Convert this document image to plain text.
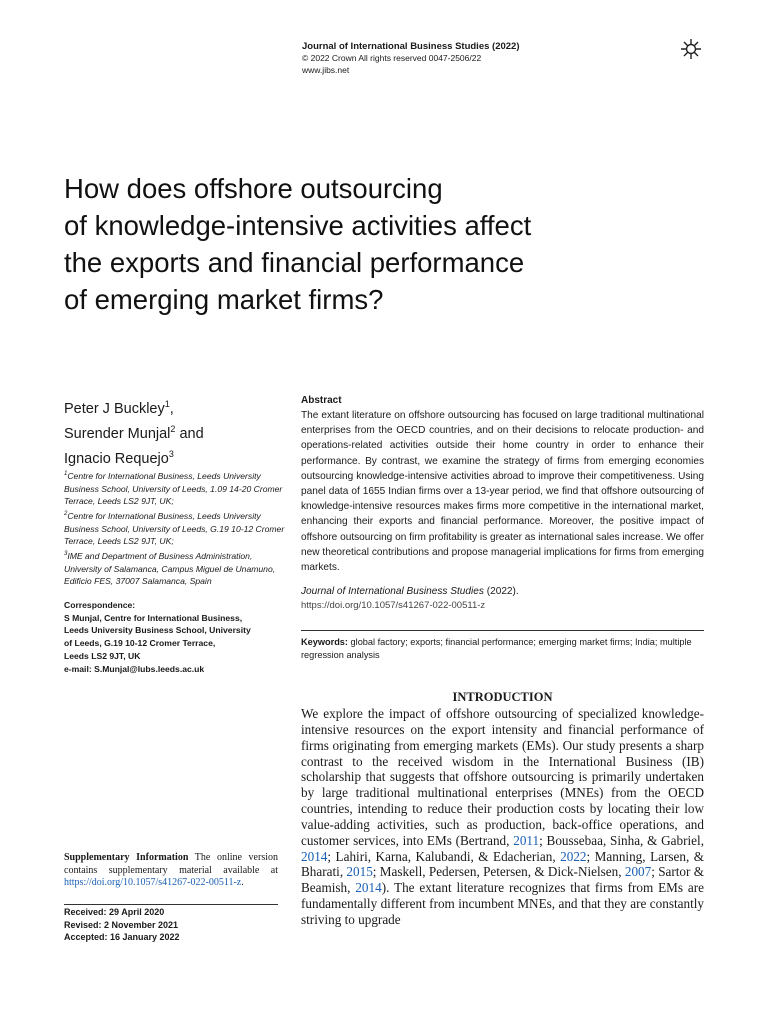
Journal of International Business Studies (2022)
© 2022 Crown All rights reserved 0047-2506/22
www.jibs.net
How does offshore outsourcing
of knowledge-intensive activities affect
the exports and financial performance
of emerging market firms?
Peter J Buckley$^1$,
Surender Munjal$^2$ and
Ignacio Requejo$^3$
$^1$Centre for International Business, Leeds University Business School, University of Leeds, 1.09 14-20 Cromer Terrace, Leeds LS2 9JT, UK;
$^2$Centre for International Business, Leeds University Business School, University of Leeds, G.19 10-12 Cromer Terrace, Leeds LS2 9JT, UK;
$^3$IME and Department of Business Administration, University of Salamanca, Campus Miguel de Unamuno, Edificio FES, 37007 Salamanca, Spain
Correspondence:
S Munjal, Centre for International Business,
Leeds University Business School, University
of Leeds, G.19 10-12 Cromer Terrace,
Leeds LS2 9JT, UK
e-mail: S.Munjal@lubs.leeds.ac.uk
Abstract
The extant literature on offshore outsourcing has focused on large traditional multinational enterprises from the OECD countries, and on their decisions to relocate production- and operations-related activities outside their home country in order to enhance their performance. By contrast, we examine the strategy of firms from emerging economies outsourcing knowledge-intensive activities abroad to improve their competitiveness. Using panel data of 1655 Indian firms over a 13-year period, we find that offshore outsourcing of knowledge-intensive resources makes firms more competitive in the international market, enhancing their exports and financial performance. Moreover, the positive impact of offshore outsourcing on firm profitability is greater as international sales increase. We offer new theoretical contributions and propose managerial implications for firms from emerging markets.
Journal of International Business Studies (2022).
https://doi.org/10.1057/s41267-022-00511-z
Keywords: global factory; exports; financial performance; emerging market firms; India; multiple regression analysis
INTRODUCTION
We explore the impact of offshore outsourcing of specialized knowledge-intensive resources on the export intensity and financial performance of firms originating from emerging markets (EMs). Our study presents a sharp contrast to the received wisdom in the International Business (IB) scholarship that suggests that offshore outsourcing is primarily undertaken by large traditional multinational enterprises (MNEs) from the OECD countries, intending to reduce their production costs by locating their low value-adding activities, such as production, back-office operations, and customer services, into EMs (Bertrand, 2011; Boussebaa, Sinha, & Gabriel, 2014; Lahiri, Karna, Kalubandi, & Edacherian, 2022; Manning, Larsen, & Bharati, 2015; Maskell, Pedersen, Petersen, & Dick-Nielsen, 2007; Sartor & Beamish, 2014). The extant literature recognizes that firms from EMs are fundamentally different from incumbent MNEs, and that they are constantly striving to upgrade
Supplementary Information The online version contains supplementary material available at https://doi.org/10.1057/s41267-022-00511-z.
Received: 29 April 2020
Revised: 2 November 2021
Accepted: 16 January 2022
